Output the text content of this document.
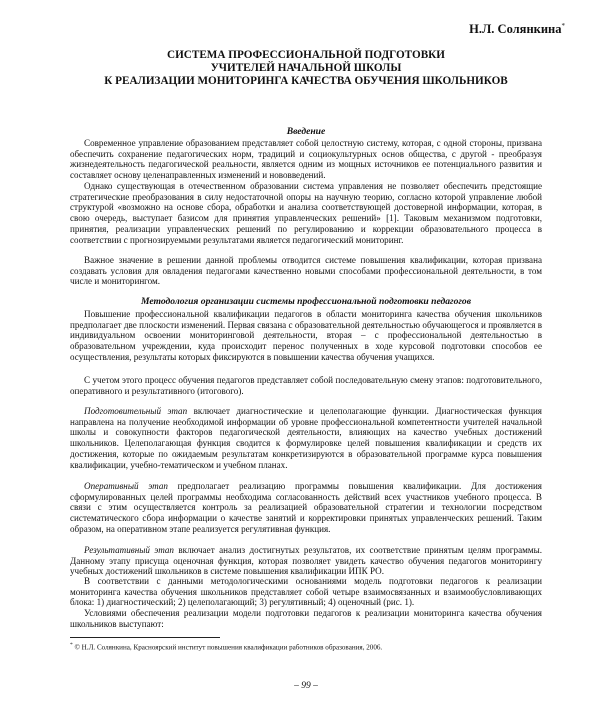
Н.Л. Солянкина*
СИСТЕМА ПРОФЕССИОНАЛЬНОЙ ПОДГОТОВКИ
УЧИТЕЛЕЙ НАЧАЛЬНОЙ ШКОЛЫ
К РЕАЛИЗАЦИИ МОНИТОРИНГА КАЧЕСТВА ОБУЧЕНИЯ ШКОЛЬНИКОВ
Введение

Современное управление образованием представляет собой целостную систему, которая, с одной стороны, призвана обеспечить сохранение педагогических норм, традиций и социокультурных основ общества, с другой - преобразуя жизнедеятельность педагогической реальности, является одним из мощных источников ее потенциального развития и составляет основу целенаправленных изменений и нововведений.

Однако существующая в отечественном образовании система управления не позволяет обеспечить предстоящие стратегические преобразования в силу недостаточной опоры на научную теорию, согласно которой управление любой структурой «возможно на основе сбора, обработки и анализа соответствующей достоверной информации, которая, в свою очередь, выступает базисом для принятия управленческих решений» [1]. Таковым механизмом подготовки, принятия, реализации управленческих решений по регулированию и коррекции образовательного процесса в соответствии с прогнозируемыми результатами является педагогический мониторинг.

Важное значение в решении данной проблемы отводится системе повышения квалификации, которая призвана создавать условия для овладения педагогами качественно новыми способами профессиональной деятельности, в том числе и мониторингом.

Методология организации системы профессиональной подготовки педагогов

Повышение профессиональной квалификации педагогов в области мониторинга качества обучения школьников предполагает две плоскости изменений. Первая связана с образовательной деятельностью обучающегося и проявляется в индивидуальном освоении мониторинговой деятельности, вторая – с профессиональной деятельностью в образовательном учреждении, куда происходит перенос полученных в ходе курсовой подготовки способов ее осуществления, результаты которых фиксируются в повышении качества обучения учащихся.

С учетом этого процесс обучения педагогов представляет собой последовательную смену этапов: подготовительного, оперативного и результативного (итогового).

Подготовительный этап включает диагностические и целеполагающие функции. Диагностическая функция направлена на получение необходимой информации об уровне профессиональной компетентности учителей начальной школы и совокупности факторов педагогической деятельности, влияющих на качество учебных достижений школьников. Целеполагающая функция сводится к формулировке целей повышения квалификации и средств их достижения, которые по ожидаемым результатам конкретизируются в образовательной программе курса повышения квалификации, учебно-тематическом и учебном планах.

Оперативный этап предполагает реализацию программы повышения квалификации. Для достижения сформулированных целей программы необходима согласованность действий всех участников учебного процесса. В связи с этим осуществляется контроль за реализацией образовательной стратегии и технологии посредством систематического сбора информации о качестве занятий и корректировки принятых управленческих решений. Таким образом, на оперативном этапе реализуется регулятивная функция.

Результативный этап включает анализ достигнутых результатов, их соответствие принятым целям программы. Данному этапу присуща оценочная функция, которая позволяет увидеть качество обучения педагогов мониторингу учебных достижений школьников в системе повышения квалификации ИПК РО.

В соответствии с данными методологическими основаниями модель подготовки педагогов к реализации мониторинга качества обучения школьников представляет собой четыре взаимосвязанных и взаимообусловливающих блока: 1) диагностический; 2) целеполагающий; 3) регулятивный; 4) оценочный (рис. 1).

Условиями обеспечения реализации модели подготовки педагогов к реализации мониторинга качества обучения школьников выступают:

* © Н.Л. Солянкина, Красноярский институт повышения квалификации работников образования, 2006.
– 99 –
